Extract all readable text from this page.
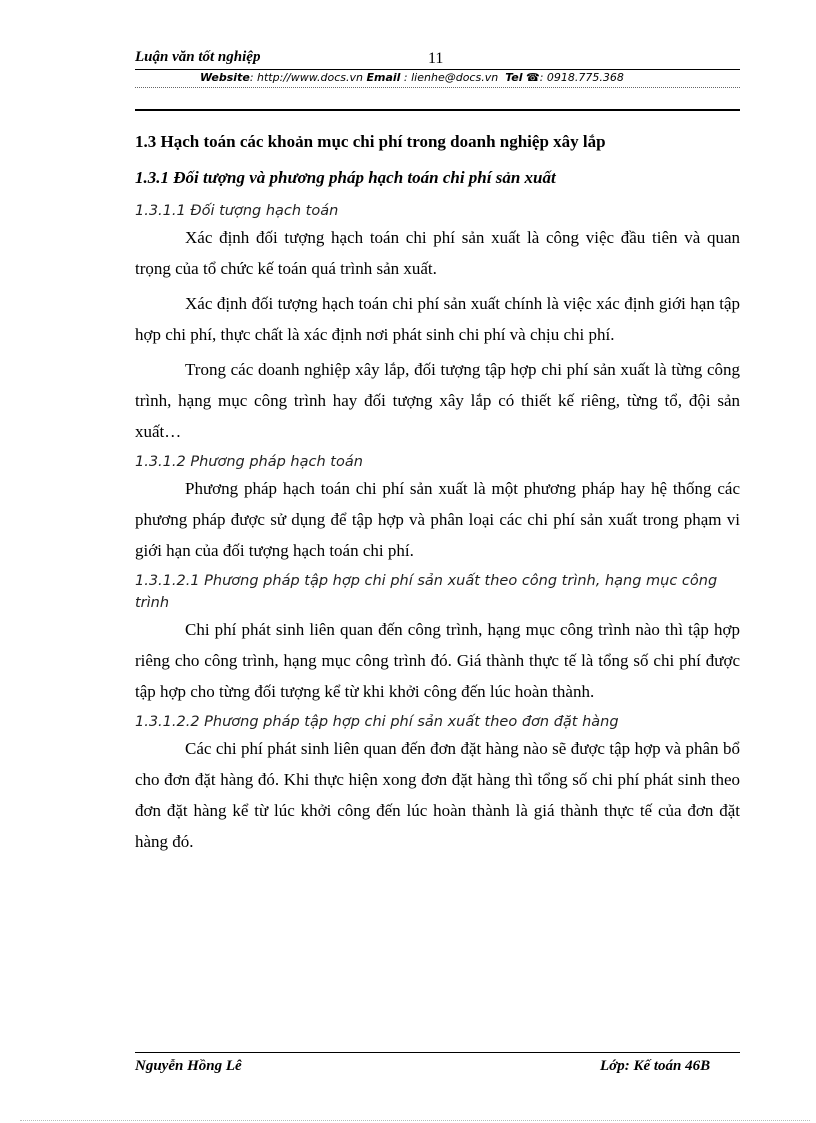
Luận văn tốt nghiệp	11
Website: http://www.docs.vn Email : lienhe@docs.vn Tel ☎: 0918.775.368
1.3 Hạch toán các khoản mục chi phí trong doanh nghiệp xây lắp
1.3.1 Đối tượng và phương pháp hạch toán chi phí sản xuất
1.3.1.1 Đối tượng hạch toán

Xác định đối tượng hạch toán chi phí sản xuất là công việc đầu tiên và quan trọng của tổ chức kế toán quá trình sản xuất.

Xác định đối tượng hạch toán chi phí sản xuất chính là việc xác định giới hạn tập hợp chi phí, thực chất là xác định nơi phát sinh chi phí và chịu chi phí.

Trong các doanh nghiệp xây lắp, đối tượng tập hợp chi phí sản xuất là từng công trình, hạng mục công trình hay đối tượng xây lắp có thiết kế riêng, từng tổ, đội sản xuất…

1.3.1.2 Phương pháp hạch toán

Phương pháp hạch toán chi phí sản xuất là một phương pháp hay hệ thống các phương pháp được sử dụng để tập hợp và phân loại các chi phí sản xuất trong phạm vi giới hạn của đối tượng hạch toán chi phí.

1.3.1.2.1 Phương pháp tập hợp chi phí sản xuất theo công trình, hạng mục công trình

Chi phí phát sinh liên quan đến công trình, hạng mục công trình nào thì tập hợp riêng cho công trình, hạng mục công trình đó. Giá thành thực tế là tổng số chi phí được tập hợp cho từng đối tượng kể từ khi khởi công đến lúc hoàn thành.

1.3.1.2.2 Phương pháp tập hợp chi phí sản xuất theo đơn đặt hàng

Các chi phí phát sinh liên quan đến đơn đặt hàng nào sẽ được tập hợp và phân bổ cho đơn đặt hàng đó. Khi thực hiện xong đơn đặt hàng thì tổng số chi phí phát sinh theo đơn đặt hàng kể từ lúc khởi công đến lúc hoàn thành là giá thành thực tế của đơn đặt hàng đó.

Nguyễn Hồng Lê	Lớp: Kế toán 46B
